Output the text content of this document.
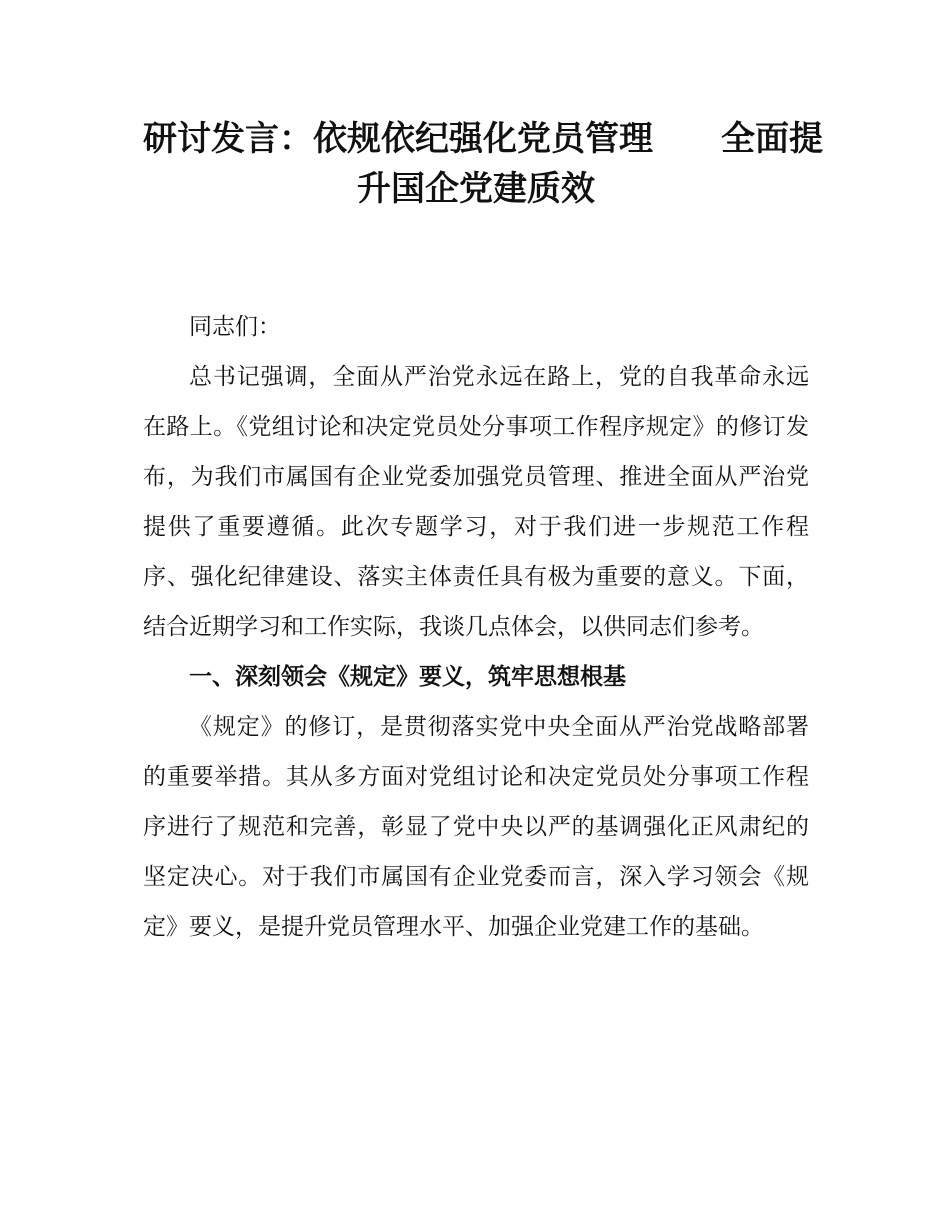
研讨发言：依规依纪强化党员管理　　全面提
升国企党建质效

同志们：

总书记强调，全面从严治党永远在路上，党的自我革命永远在路上。《党组讨论和决定党员处分事项工作程序规定》的修订发布，为我们市属国有企业党委加强党员管理、推进全面从严治党提供了重要遵循。此次专题学习，对于我们进一步规范工作程序、强化纪律建设、落实主体责任具有极为重要的意义。下面，结合近期学习和工作实际，我谈几点体会，以供同志们参考。

一、深刻领会《规定》要义，筑牢思想根基

《规定》的修订，是贯彻落实党中央全面从严治党战略部署的重要举措。其从多方面对党组讨论和决定党员处分事项工作程序进行了规范和完善，彰显了党中央以严的基调强化正风肃纪的坚定决心。对于我们市属国有企业党委而言，深入学习领会《规定》要义，是提升党员管理水平、加强企业党建工作的基础。
